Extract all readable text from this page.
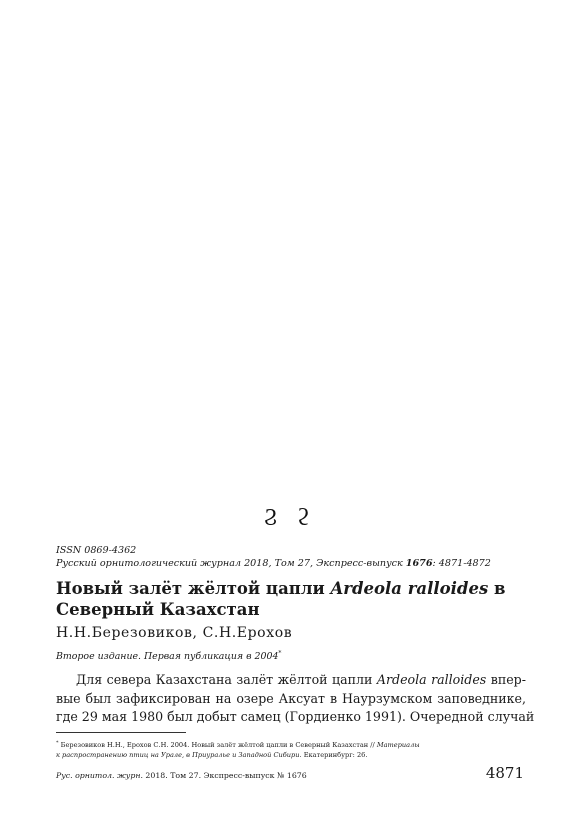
Ϩ ϩ
ISSN 0869-4362
Русский орнитологический журнал 2018, Том 27, Экспресс-выпуск 1676: 4871-4872
Новый залёт жёлтой цапли Ardeola ralloides в Северный Казахстан
Н.Н.Березовиков, С.Н.Ерохов
Второе издание. Первая публикация в 2004*
Для севера Казахстана залёт жёлтой цапли Ardeola ralloides впер-
вые был зафиксирован на озере Аксуат в Наурзумском заповеднике,
где 29 мая 1980 был добыт самец (Гордиенко 1991). Очередной случай
* Березовиков Н.Н., Ерохов С.Н. 2004. Новый залёт жёлтой цапли в Северный Казахстан // Материалы
к распространению птиц на Урале, в Приуралье и Западной Сибири. Екатеринбург: 26.
Рус. орнитол. журн. 2018. Том 27. Экспресс-выпуск № 1676	4871
